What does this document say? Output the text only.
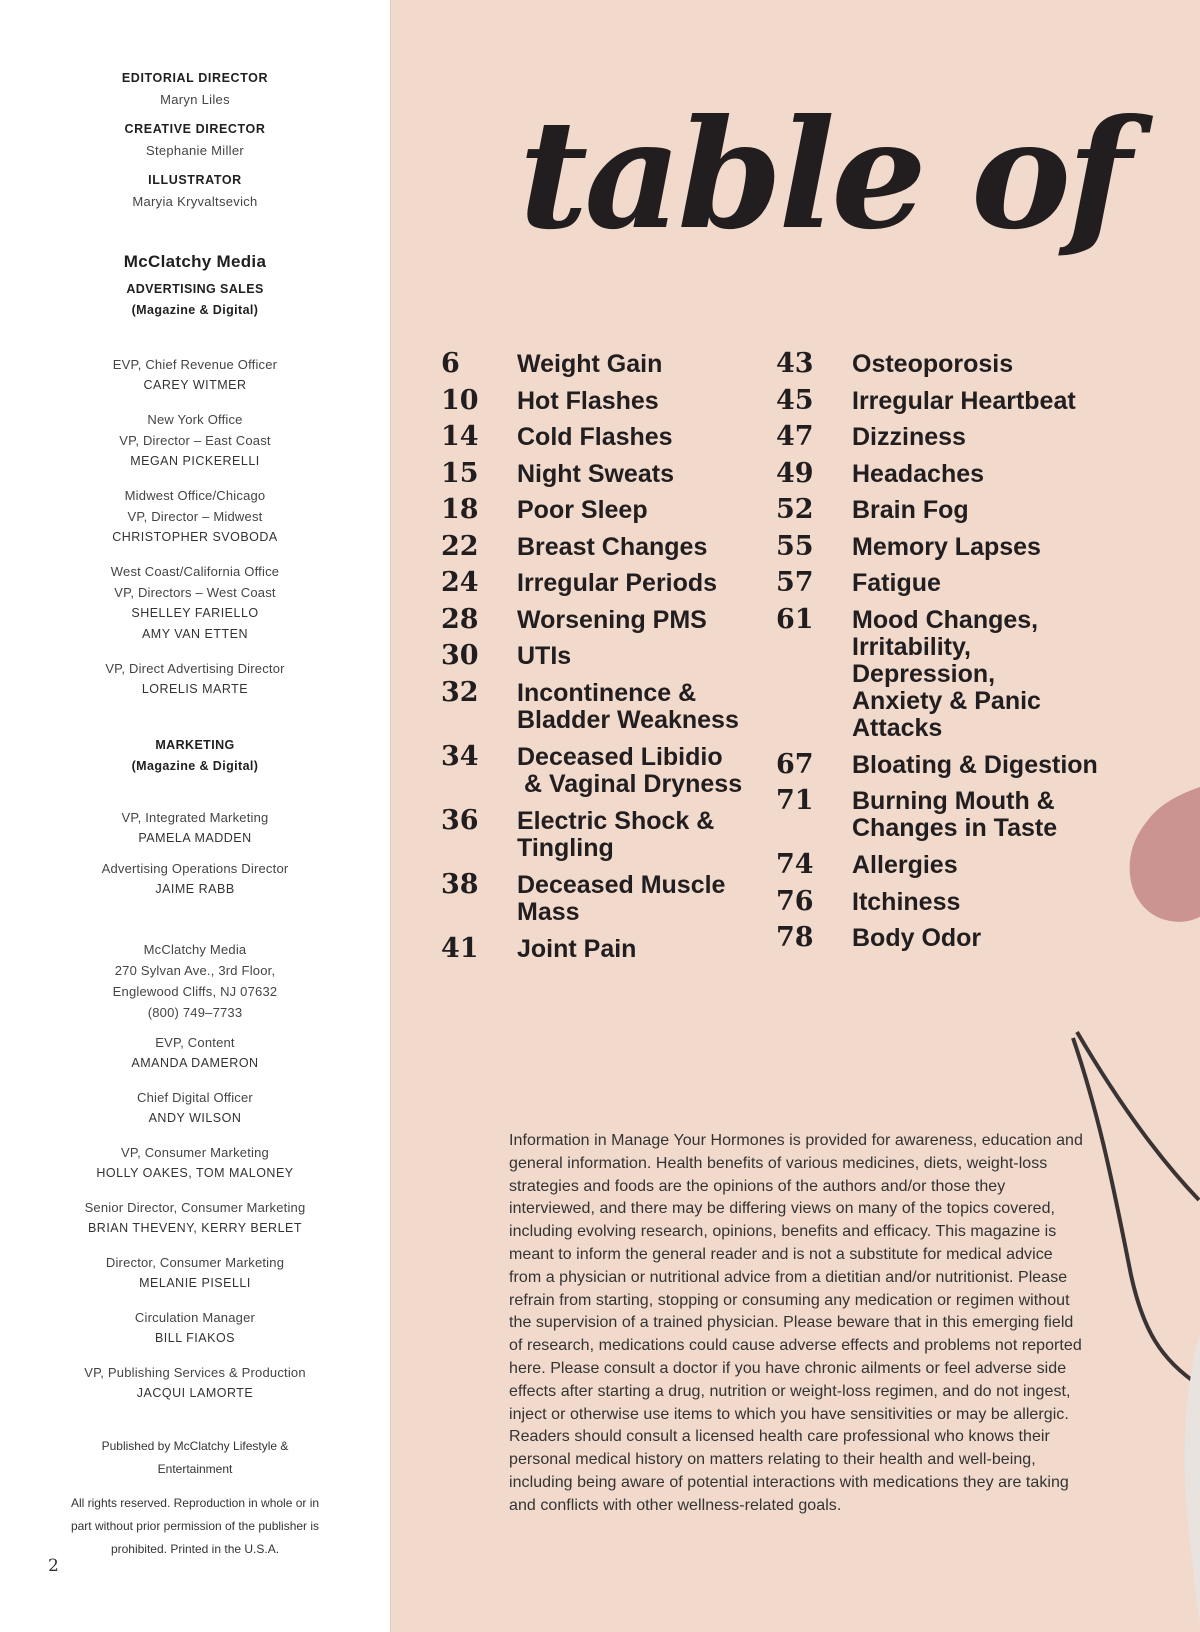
EDITORIAL DIRECTOR
Maryn Liles
CREATIVE DIRECTOR
Stephanie Miller
ILLUSTRATOR
Maryia Kryvaltsevich
McClatchy Media
ADVERTISING SALES
(Magazine & Digital)
EVP, Chief Revenue Officer
CAREY WITMER
New York Office
VP, Director – East Coast
MEGAN PICKERELLI
Midwest Office/Chicago
VP, Director – Midwest
CHRISTOPHER SVOBODA
West Coast/California Office
VP, Directors – West Coast
SHELLEY FARIELLO
AMY VAN ETTEN
VP, Direct Advertising Director
LORELIS MARTE
MARKETING
(Magazine & Digital)
VP, Integrated Marketing
PAMELA MADDEN
Advertising Operations Director
JAIME RABB
McClatchy Media
270 Sylvan Ave., 3rd Floor,
Englewood Cliffs, NJ 07632
(800) 749–7733
EVP, Content
AMANDA DAMERON
Chief Digital Officer
ANDY WILSON
VP, Consumer Marketing
HOLLY OAKES, TOM MALONEY
Senior Director, Consumer Marketing
BRIAN THEVENY, KERRY BERLET
Director, Consumer Marketing
MELANIE PISELLI
Circulation Manager
BILL FIAKOS
VP, Publishing Services & Production
JACQUI LAMORTE
Published by McClatchy Lifestyle &
Entertainment
All rights reserved. Reproduction in whole or in
part without prior permission of the publisher is
prohibited. Printed in the U.S.A.
2
table of
6 Weight Gain
10 Hot Flashes
14 Cold Flashes
15 Night Sweats
18 Poor Sleep
22 Breast Changes
24 Irregular Periods
28 Worsening PMS
30 UTIs
32 Incontinence &
Bladder Weakness
34 Deceased Libidio
& Vaginal Dryness
36 Electric Shock &
Tingling
38 Deceased Muscle
Mass
41 Joint Pain
43 Osteoporosis
45 Irregular Heartbeat
47 Dizziness
49 Headaches
52 Brain Fog
55 Memory Lapses
57 Fatigue
61 Mood Changes,
Irritability,
Depression,
Anxiety & Panic
Attacks
67 Bloating & Digestion
71 Burning Mouth &
Changes in Taste
74 Allergies
76 Itchiness
78 Body Odor
Information in Manage Your Hormones is provided for awareness, education and general information. Health benefits of various medicines, diets, weight-loss strategies and foods are the opinions of the authors and/or those they interviewed, and there may be differing views on many of the topics covered, including evolving research, opinions, benefits and efficacy. This magazine is meant to inform the general reader and is not a substitute for medical advice from a physician or nutritional advice from a dietitian and/or nutritionist. Please refrain from starting, stopping or consuming any medication or regimen without the supervision of a trained physician. Please beware that in this emerging field of research, medications could cause adverse effects and problems not reported here. Please consult a doctor if you have chronic ailments or feel adverse side effects after starting a drug, nutrition or weight-loss regimen, and do not ingest, inject or otherwise use items to which you have sensitivities or may be allergic. Readers should consult a licensed health care professional who knows their personal medical history on matters relating to their health and well-being, including being aware of potential interactions with medications they are taking and conflicts with other wellness-related goals.
